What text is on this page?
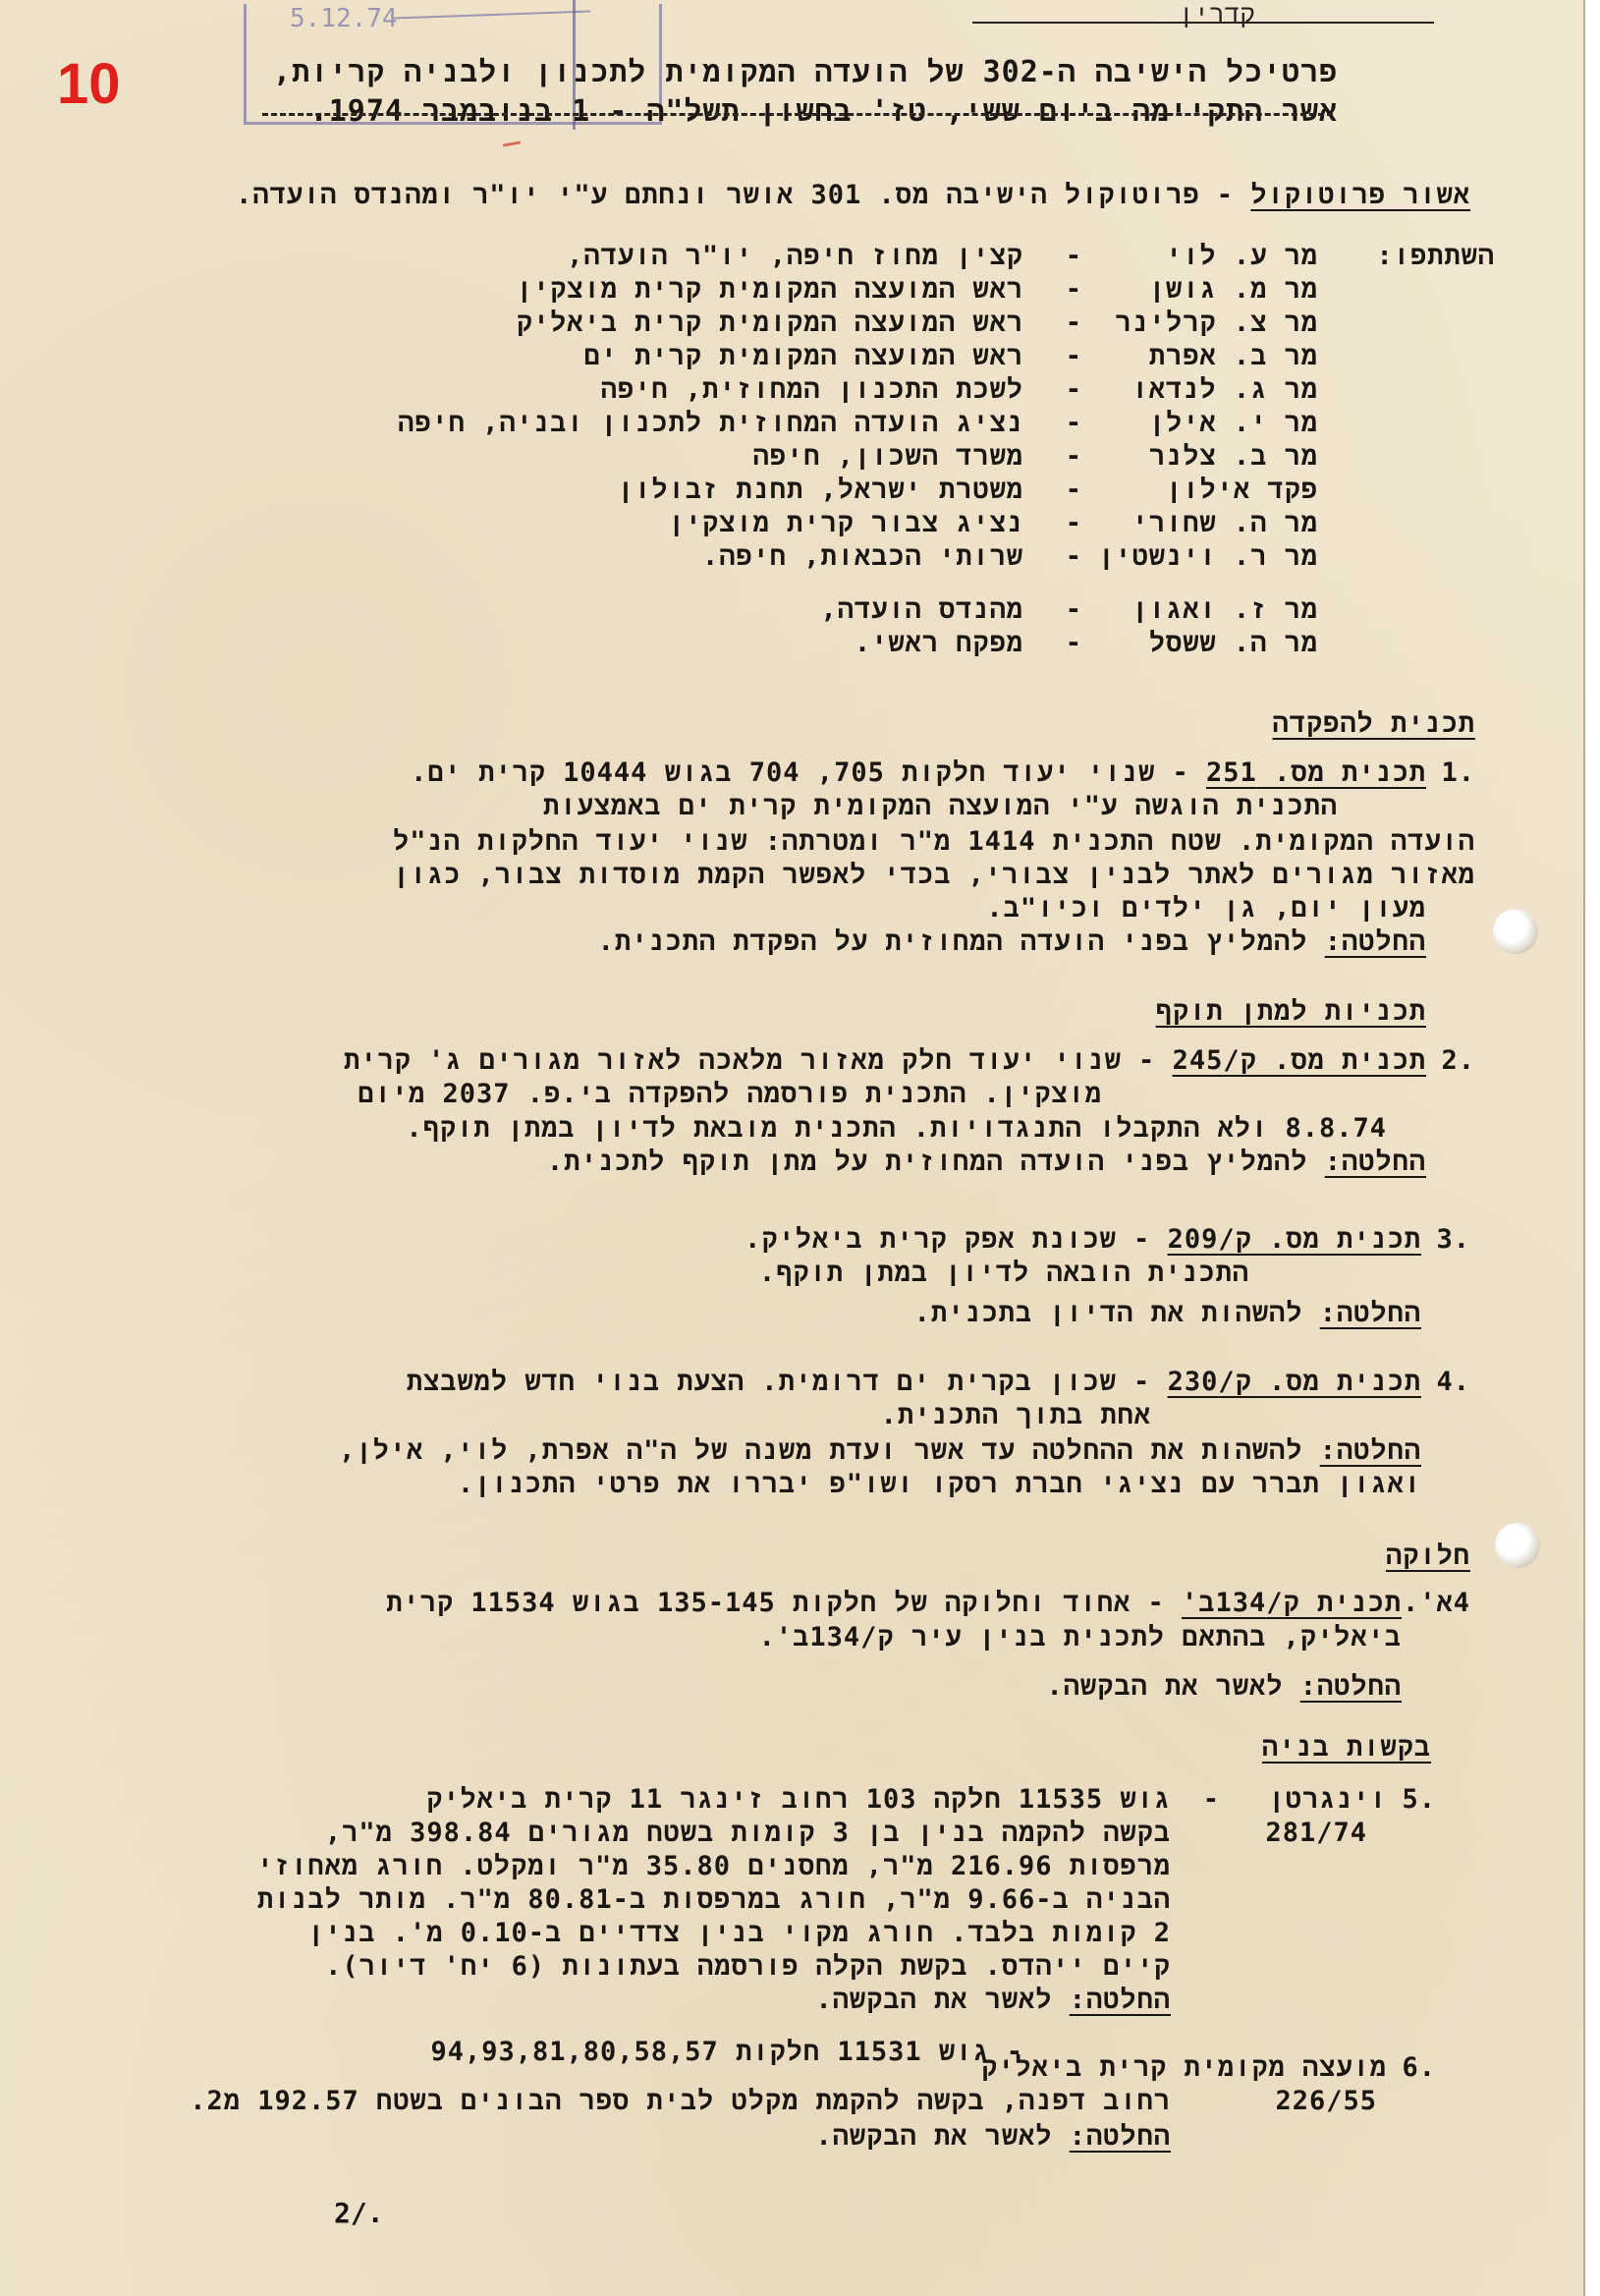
5.12.74	קדרין
10	פרטיכל הישיבה ה-302 של הועדה המקומית לתכנון ולבניה קריות,
אשר התקיימה ביום ששי, טז' בחשון תשל"ה - 1 בנובמבר 1974.
אשור פרוטוקול - פרוטוקול הישיבה מס. 301 אושר ונחתם ע"י יו"ר ומהנדס הועדה.
השתתפו:
מר ע. לוי
-
קצין מחוז חיפה, יו"ר הועדה,
מר מ. גושן
-
ראש המועצה המקומית קרית מוצקין
מר צ. קרלינר
-
ראש המועצה המקומית קרית ביאליק
מר ב. אפרת
-
ראש המועצה המקומית קרית ים
מר ג. לנדאו
-
לשכת התכנון המחוזית, חיפה
מר י. אילן
-
נציג הועדה המחוזית לתכנון ובניה, חיפה
מר ב. צלנר
-
משרד השכון, חיפה
פקד אילון
-
משטרת ישראל, תחנת זבולון
מר ה. שחורי
-
נציג צבור קרית מוצקין
מר ר. וינשטין
-
שרותי הכבאות, חיפה.
מר ז. ואגון
-
מהנדס הועדה,
מר ה. ששסל
-
מפקח ראשי.
תכנית להפקדה
1.
תכנית מס. 251 - שנוי יעוד חלקות 705, 704 בגוש 10444 קרית ים.
התכנית הוגשה ע"י המועצה המקומית קרית ים באמצעות
הועדה המקומית. שטח התכנית 1414 מ"ר ומטרתה: שנוי יעוד החלקות הנ"ל
מאזור מגורים לאתר לבנין צבורי, בכדי לאפשר הקמת מוסדות צבור, כגון
מעון יום, גן ילדים וכיו"ב.
החלטה: להמליץ בפני הועדה המחוזית על הפקדת התכנית.
תכניות למתן תוקף
2.
תכנית מס. ק/245 - שנוי יעוד חלק מאזור מלאכה לאזור מגורים ג' קרית
מוצקין. התכנית פורסמה להפקדה בי.פ. 2037 מיום
8.8.74 ולא התקבלו התנגדויות. התכנית מובאת לדיון במתן תוקף.
החלטה: להמליץ בפני הועדה המחוזית על מתן תוקף לתכנית.
3.
תכנית מס. ק/209 - שכונת אפק קרית ביאליק.
התכנית הובאה לדיון במתן תוקף.
החלטה: להשהות את הדיון בתכנית.
4.
תכנית מס. ק/230 - שכון בקרית ים דרומית. הצעת בנוי חדש למשבצת
אחת בתוך התכנית.
החלטה: להשהות את ההחלטה עד אשר ועדת משנה של ה"ה אפרת, לוי, אילן,
ואגון תברר עם נציגי חברת רסקו ושו"פ יבררו את פרטי התכנון.
חלוקה
4א'.
תכנית ק/134ב' - אחוד וחלוקה של חלקות 135-145 בגוש 11534 קרית
ביאליק, בהתאם לתכנית בנין עיר ק/134ב'.
החלטה: לאשר את הבקשה.
בקשות בניה
5.
וינגרטן
-
281/74
גוש 11535 חלקה 103 רחוב זינגר 11 קרית ביאליק
בקשה להקמה בנין בן 3 קומות בשטח מגורים 398.84 מ"ר,
מרפסות 216.96 מ"ר, מחסנים 35.80 מ"ר ומקלט. חורג מאחוזי
הבניה ב-9.66 מ"ר, חורג במרפסות ב-80.81 מ"ר. מותר לבנות
2 קומות בלבד. חורג מקוי בנין צדדיים ב-0.10 מ'. בנין
קיים ייהדס. בקשת הקלה פורסמה בעתונות (6 יח' דיור).
החלטה: לאשר את הבקשה.
6.
מועצה מקומית קרית ביאליק
226/55
- גוש 11531 חלקות 94,93,81,80,58,57
רחוב דפנה, בקשה להקמת מקלט לבית ספר הבונים בשטח 192.57 מ2.
החלטה: לאשר את הבקשה.
2/.
